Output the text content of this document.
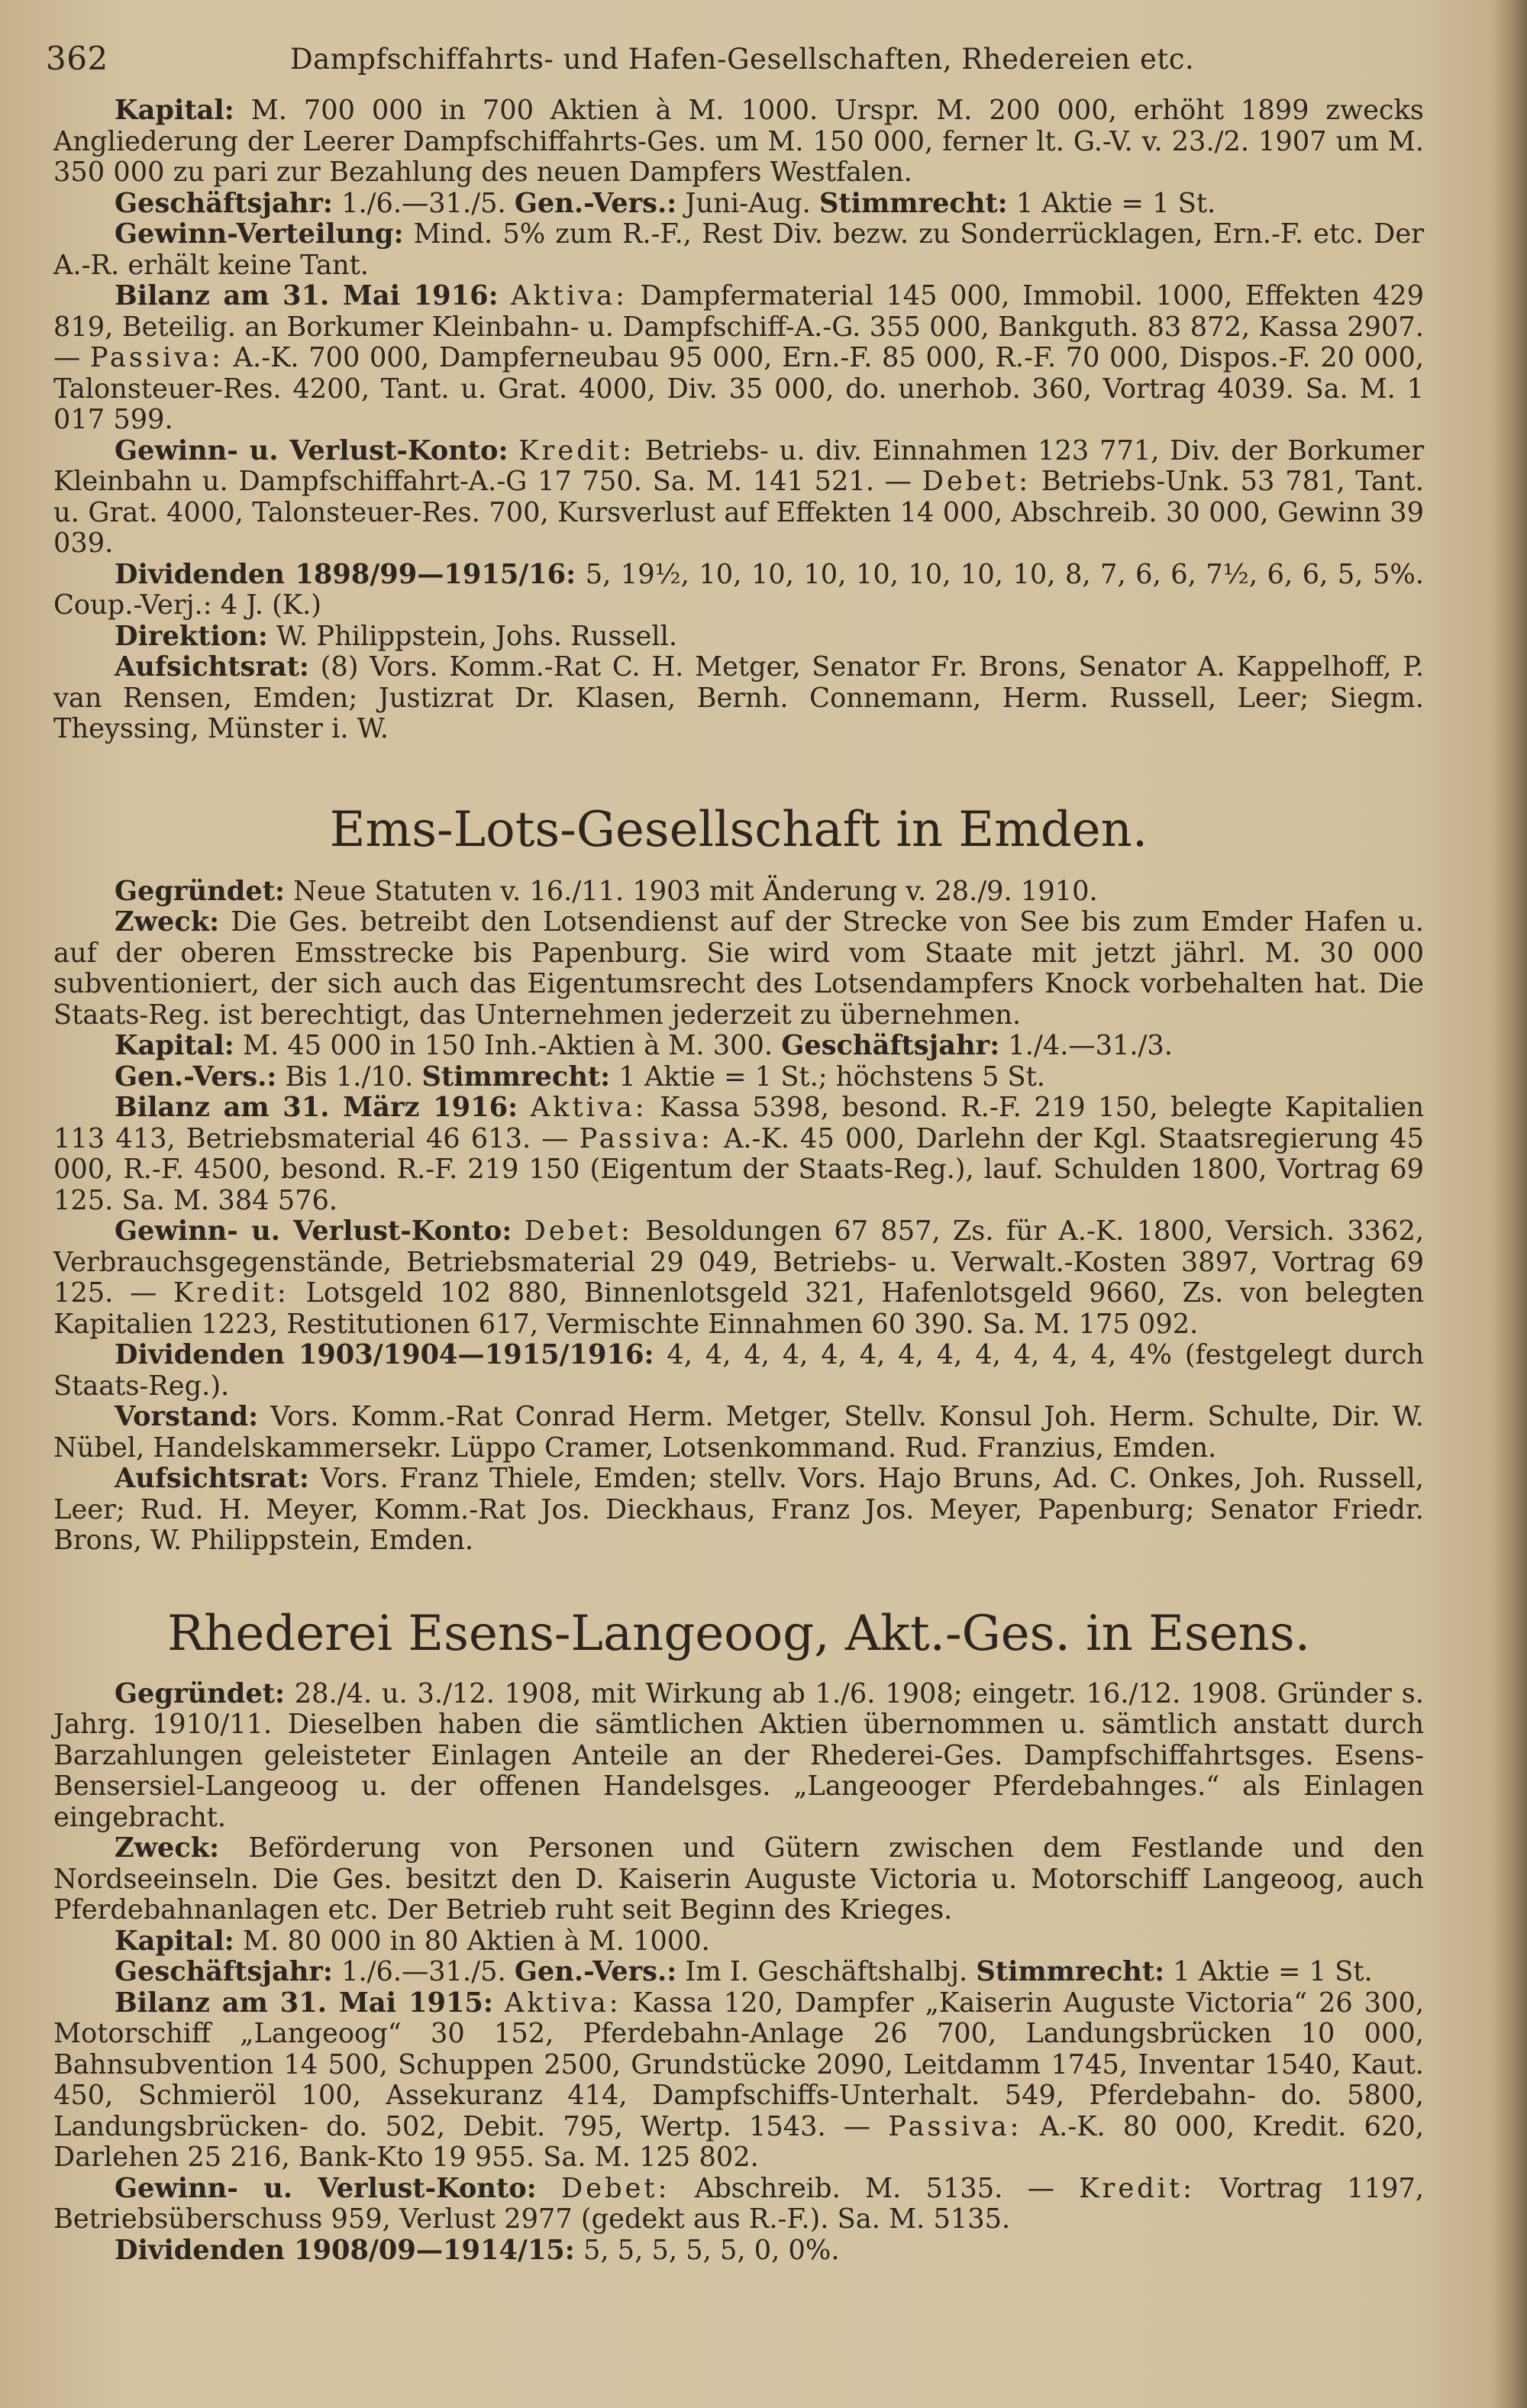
362	Dampfschiffahrts- und Hafen-Gesellschaften, Rhedereien etc.

Kapital: M. 700 000 in 700 Aktien à M. 1000. Urspr. M. 200 000, erhöht 1899 zwecks Angliederung der Leerer Dampfschiffahrts-Ges. um M. 150 000, ferner lt. G.-V. v. 23./2. 1907 um M. 350 000 zu pari zur Bezahlung des neuen Dampfers Westfalen.

Geschäftsjahr: 1./6.—31./5. Gen.-Vers.: Juni-Aug. Stimmrecht: 1 Aktie = 1 St.

Gewinn-Verteilung: Mind. 5% zum R.-F., Rest Div. bezw. zu Sonderrücklagen, Ern.-F. etc. Der A.-R. erhält keine Tant.

Bilanz am 31. Mai 1916: Aktiva: Dampfermaterial 145 000, Immobil. 1000, Effekten 429 819, Beteilig. an Borkumer Kleinbahn- u. Dampfschiff-A.-G. 355 000, Bankguth. 83 872, Kassa 2907. — Passiva: A.-K. 700 000, Dampferneubau 95 000, Ern.-F. 85 000, R.-F. 70 000, Dispos.-F. 20 000, Talonsteuer-Res. 4200, Tant. u. Grat. 4000, Div. 35 000, do. unerhob. 360, Vortrag 4039. Sa. M. 1 017 599.

Gewinn- u. Verlust-Konto: Kredit: Betriebs- u. div. Einnahmen 123 771, Div. der Borkumer Kleinbahn u. Dampfschiffahrt-A.-G 17 750. Sa. M. 141 521. — Debet: Betriebs-Unk. 53 781, Tant. u. Grat. 4000, Talonsteuer-Res. 700, Kursverlust auf Effekten 14 000, Abschreib. 30 000, Gewinn 39 039.

Dividenden 1898/99—1915/16: 5, 19½, 10, 10, 10, 10, 10, 10, 10, 8, 7, 6, 6, 7½, 6, 6, 5, 5%. Coup.-Verj.: 4 J. (K.)

Direktion: W. Philippstein, Johs. Russell.

Aufsichtsrat: (8) Vors. Komm.-Rat C. H. Metger, Senator Fr. Brons, Senator A. Kappelhoff, P. van Rensen, Emden; Justizrat Dr. Klasen, Bernh. Connemann, Herm. Russell, Leer; Siegm. Theyssing, Münster i. W.

Ems-Lots-Gesellschaft in Emden.

Gegründet: Neue Statuten v. 16./11. 1903 mit Änderung v. 28./9. 1910.

Zweck: Die Ges. betreibt den Lotsendienst auf der Strecke von See bis zum Emder Hafen u. auf der oberen Emsstrecke bis Papenburg. Sie wird vom Staate mit jetzt jährl. M. 30 000 subventioniert, der sich auch das Eigentumsrecht des Lotsendampfers Knock vorbehalten hat. Die Staats-Reg. ist berechtigt, das Unternehmen jederzeit zu übernehmen.

Kapital: M. 45 000 in 150 Inh.-Aktien à M. 300. Geschäftsjahr: 1./4.—31./3.

Gen.-Vers.: Bis 1./10. Stimmrecht: 1 Aktie = 1 St.; höchstens 5 St.

Bilanz am 31. März 1916: Aktiva: Kassa 5398, besond. R.-F. 219 150, belegte Kapitalien 113 413, Betriebsmaterial 46 613. — Passiva: A.-K. 45 000, Darlehn der Kgl. Staatsregierung 45 000, R.-F. 4500, besond. R.-F. 219 150 (Eigentum der Staats-Reg.), lauf. Schulden 1800, Vortrag 69 125. Sa. M. 384 576.

Gewinn- u. Verlust-Konto: Debet: Besoldungen 67 857, Zs. für A.-K. 1800, Versich. 3362, Verbrauchsgegenstände, Betriebsmaterial 29 049, Betriebs- u. Verwalt.-Kosten 3897, Vortrag 69 125. — Kredit: Lotsgeld 102 880, Binnenlotsgeld 321, Hafenlotsgeld 9660, Zs. von belegten Kapitalien 1223, Restitutionen 617, Vermischte Einnahmen 60 390. Sa. M. 175 092.

Dividenden 1903/1904—1915/1916: 4, 4, 4, 4, 4, 4, 4, 4, 4, 4, 4, 4, 4% (festgelegt durch Staats-Reg.).

Vorstand: Vors. Komm.-Rat Conrad Herm. Metger, Stellv. Konsul Joh. Herm. Schulte, Dir. W. Nübel, Handelskammersekr. Lüppo Cramer, Lotsenkommand. Rud. Franzius, Emden.

Aufsichtsrat: Vors. Franz Thiele, Emden; stellv. Vors. Hajo Bruns, Ad. C. Onkes, Joh. Russell, Leer; Rud. H. Meyer, Komm.-Rat Jos. Dieckhaus, Franz Jos. Meyer, Papenburg; Senator Friedr. Brons, W. Philippstein, Emden.

Rhederei Esens-Langeoog, Akt.-Ges. in Esens.

Gegründet: 28./4. u. 3./12. 1908, mit Wirkung ab 1./6. 1908; eingetr. 16./12. 1908. Gründer s. Jahrg. 1910/11. Dieselben haben die sämtlichen Aktien übernommen u. sämtlich anstatt durch Barzahlungen geleisteter Einlagen Anteile an der Rhederei-Ges. Dampfschiffahrtsges. Esens-Bensersiel-Langeoog u. der offenen Handelsges. „Langeooger Pferdebahnges.“ als Einlagen eingebracht.

Zweck: Beförderung von Personen und Gütern zwischen dem Festlande und den Nordseeinseln. Die Ges. besitzt den D. Kaiserin Auguste Victoria u. Motorschiff Langeoog, auch Pferdebahnanlagen etc. Der Betrieb ruht seit Beginn des Krieges.

Kapital: M. 80 000 in 80 Aktien à M. 1000.

Geschäftsjahr: 1./6.—31./5. Gen.-Vers.: Im I. Geschäftshalbj. Stimmrecht: 1 Aktie = 1 St.

Bilanz am 31. Mai 1915: Aktiva: Kassa 120, Dampfer „Kaiserin Auguste Victoria“ 26 300, Motorschiff „Langeoog“ 30 152, Pferdebahn-Anlage 26 700, Landungsbrücken 10 000, Bahnsubvention 14 500, Schuppen 2500, Grundstücke 2090, Leitdamm 1745, Inventar 1540, Kaut. 450, Schmieröl 100, Assekuranz 414, Dampfschiffs-Unterhalt. 549, Pferdebahn- do. 5800, Landungsbrücken- do. 502, Debit. 795, Wertp. 1543. — Passiva: A.-K. 80 000, Kredit. 620, Darlehen 25 216, Bank-Kto 19 955. Sa. M. 125 802.

Gewinn- u. Verlust-Konto: Debet: Abschreib. M. 5135. — Kredit: Vortrag 1197, Betriebsüberschuss 959, Verlust 2977 (gedekt aus R.-F.). Sa. M. 5135.

Dividenden 1908/09—1914/15: 5, 5, 5, 5, 5, 0, 0%.
